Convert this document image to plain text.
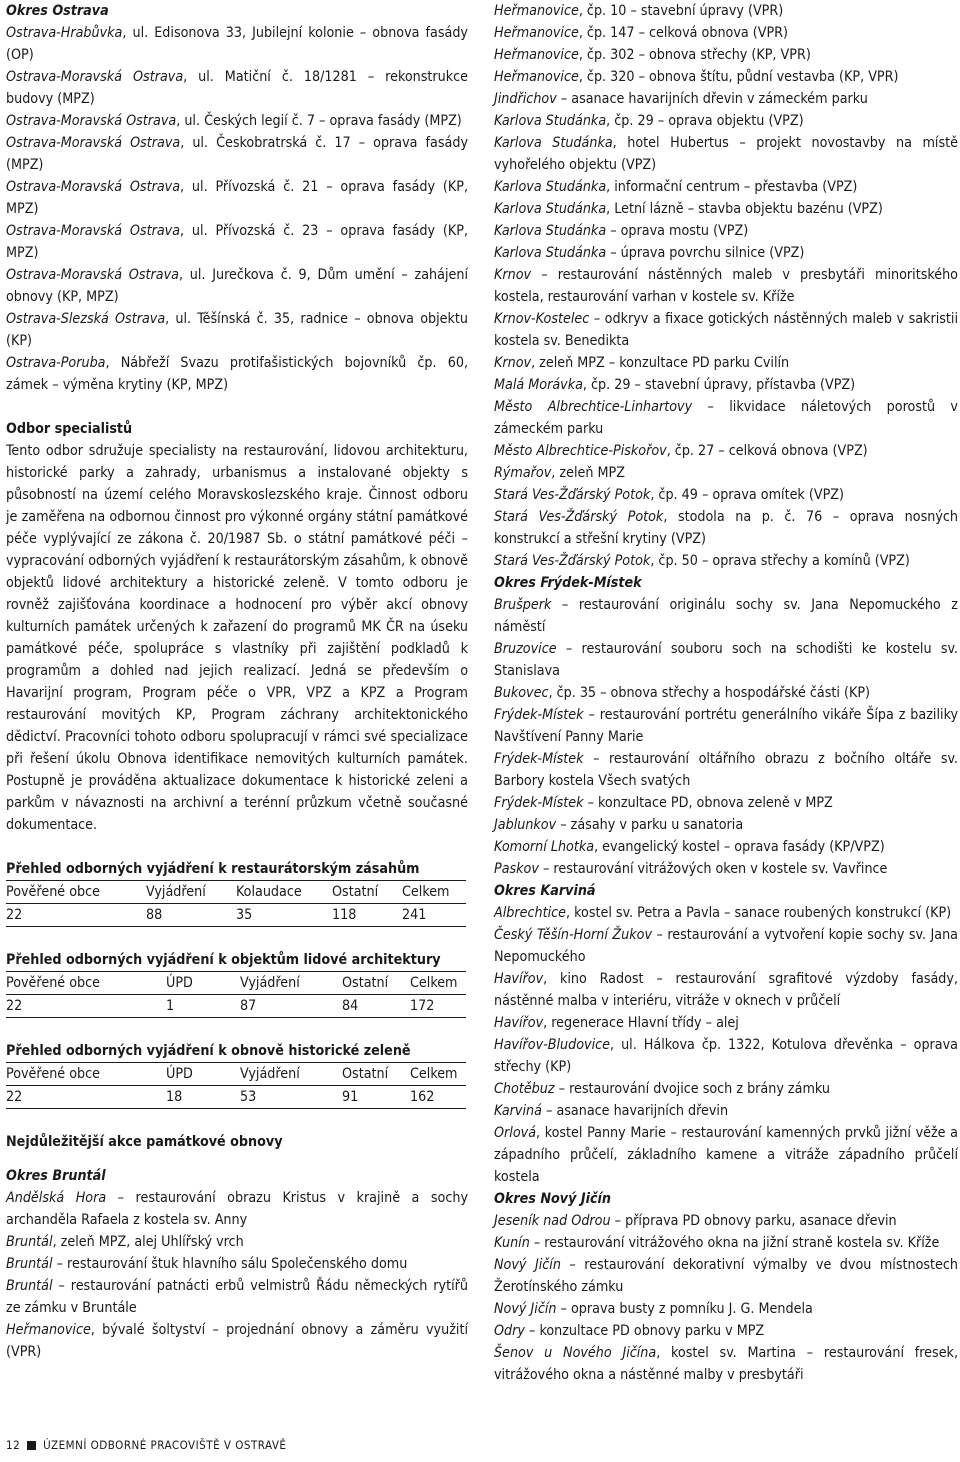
Okres Ostrava

Ostrava-Hrabůvka, ul. Edisonova 33, Jubilejní kolonie – obnova fasády (OP)

Ostrava-Moravská Ostrava, ul. Matiční č. 18/1281 – rekonstrukce budovy (MPZ)

Ostrava-Moravská Ostrava, ul. Českých legií č. 7 – oprava fasády (MPZ)

Ostrava-Moravská Ostrava, ul. Českobratrská č. 17 – oprava fasády (MPZ)

Ostrava-Moravská Ostrava, ul. Přívozská č. 21 – oprava fasády (KP, MPZ)

Ostrava-Moravská Ostrava, ul. Přívozská č. 23 – oprava fasády (KP, MPZ)

Ostrava-Moravská Ostrava, ul. Jurečkova č. 9, Dům umění – zahájení obnovy (KP, MPZ)

Ostrava-Slezská Ostrava, ul. Těšínská č. 35, radnice – obnova objektu (KP)

Ostrava-Poruba, Nábřeží Svazu protifašistických bojovníků čp. 60, zámek – výměna krytiny (KP, MPZ)

Odbor specialistů

Tento odbor sdružuje specialisty na restaurování, lidovou architekturu, historické parky a zahrady, urbanismus a instalované objekty s působností na území celého Moravskoslezského kraje. Činnost odboru je zaměřena na odbornou činnost pro výkonné orgány státní památkové péče vyplývající ze zákona č. 20/1987 Sb. o státní památkové péči – vypracování odborných vyjádření k restaurátorským zásahům, k obnově objektů lidové architektury a historické zeleně. V tomto odboru je rovněž zajišťována koordinace a hodnocení pro výběr akcí obnovy kulturních památek určených k zařazení do programů MK ČR na úseku památkové péče, spolupráce s vlastníky při zajištění podkladů k programům a dohled nad jejich realizací. Jedná se především o Havarijní program, Program péče o VPR, VPZ a KPZ a Program restaurování movitých KP, Program záchrany architektonického dědictví. Pracovníci tohoto odboru spolupracují v rámci své specializace při řešení úkolu Obnova identifikace nemovitých kulturních památek. Postupně je prováděna aktualizace dokumentace k historické zeleni a parkům v návaznosti na archivní a terénní průzkum včetně současné dokumentace.

Přehled odborných vyjádření k restaurátorským zásahům
Pověřené obce	Vyjádření	Kolaudace	Ostatní	Celkem
22	88	35	118	241
Přehled odborných vyjádření k objektům lidové architektury
Pověřené obce	ÚPD	Vyjádření	Ostatní	Celkem
22	1	87	84	172
Přehled odborných vyjádření k obnově historické zeleně
Pověřené obce	ÚPD	Vyjádření	Ostatní	Celkem
22	18	53	91	162

Nejdůležitější akce památkové obnovy

Okres Bruntál

Andělská Hora – restaurování obrazu Kristus v krajině a sochy archanděla Rafaela z kostela sv. Anny

Bruntál, zeleň MPZ, alej Uhlířský vrch

Bruntál – restaurování štuk hlavního sálu Společenského domu

Bruntál – restaurování patnácti erbů velmistrů Řádu německých rytířů ze zámku v Bruntále

Heřmanovice, bývalé šoltyství – projednání obnovy a záměru využití (VPR)

Heřmanovice, čp. 10 – stavební úpravy (VPR)

Heřmanovice, čp. 147 – celková obnova (VPR)

Heřmanovice, čp. 302 – obnova střechy (KP, VPR)

Heřmanovice, čp. 320 – obnova štítu, půdní vestavba (KP, VPR)

Jindřichov – asanace havarijních dřevin v zámeckém parku

Karlova Studánka, čp. 29 – oprava objektu (VPZ)

Karlova Studánka, hotel Hubertus – projekt novostavby na místě vyhořelého objektu (VPZ)

Karlova Studánka, informační centrum – přestavba (VPZ)

Karlova Studánka, Letní lázně – stavba objektu bazénu (VPZ)

Karlova Studánka – oprava mostu (VPZ)

Karlova Studánka – úprava povrchu silnice (VPZ)

Krnov – restaurování nástěnných maleb v presbytáři minoritského kostela, restaurování varhan v kostele sv. Kříže

Krnov-Kostelec – odkryv a fixace gotických nástěnných maleb v sakristii kostela sv. Benedikta

Krnov, zeleň MPZ – konzultace PD parku Cvilín

Malá Morávka, čp. 29 – stavební úpravy, přístavba (VPZ)

Město Albrechtice-Linhartovy – likvidace náletových porostů v zámeckém parku

Město Albrechtice-Piskořov, čp. 27 – celková obnova (VPZ)

Rýmařov, zeleň MPZ

Stará Ves-Žďárský Potok, čp. 49 – oprava omítek (VPZ)

Stará Ves-Žďárský Potok, stodola na p. č. 76 – oprava nosných konstrukcí a střešní krytiny (VPZ)

Stará Ves-Žďárský Potok, čp. 50 – oprava střechy a komínů (VPZ)

Okres Frýdek-Místek

Brušperk – restaurování originálu sochy sv. Jana Nepomuckého z náměstí

Bruzovice – restaurování souboru soch na schodišti ke kostelu sv. Stanislava

Bukovec, čp. 35 – obnova střechy a hospodářské části (KP)

Frýdek-Místek – restaurování portrétu generálního vikáře Šípa z baziliky Navštívení Panny Marie

Frýdek-Místek – restaurování oltářního obrazu z bočního oltáře sv. Barbory kostela Všech svatých

Frýdek-Místek – konzultace PD, obnova zeleně v MPZ

Jablunkov – zásahy v parku u sanatoria

Komorní Lhotka, evangelický kostel – oprava fasády (KP/VPZ)

Paskov – restaurování vitrážových oken v kostele sv. Vavřince

Okres Karviná

Albrechtice, kostel sv. Petra a Pavla – sanace roubených konstrukcí (KP)

Český Těšín-Horní Žukov – restaurování a vytvoření kopie sochy sv. Jana Nepomuckého

Havířov, kino Radost – restaurování sgrafitové výzdoby fasády, nástěnné malba v interiéru, vitráže v oknech v průčelí

Havířov, regenerace Hlavní třídy – alej

Havířov-Bludovice, ul. Hálkova čp. 1322, Kotulova dřevěnka – oprava střechy (KP)

Chotěbuz – restaurování dvojice soch z brány zámku

Karviná – asanace havarijních dřevin

Orlová, kostel Panny Marie – restaurování kamenných prvků jižní věže a západního průčelí, základního kamene a vitráže západního průčelí kostela

Okres Nový Jičín

Jeseník nad Odrou – příprava PD obnovy parku, asanace dřevin

Kunín – restaurování vitrážového okna na jižní straně kostela sv. Kříže

Nový Jičín – restaurování dekorativní výmalby ve dvou místnostech Žerotínského zámku

Nový Jičín – oprava busty z pomníku J. G. Mendela

Odry – konzultace PD obnovy parku v MPZ

Šenov u Nového Jičína, kostel sv. Martina – restaurování fresek, vitrážového okna a nástěnné malby v presbytáři

12 ÚZEMNÍ ODBORNÉ PRACOVIŠTĚ V OSTRAVĚ
